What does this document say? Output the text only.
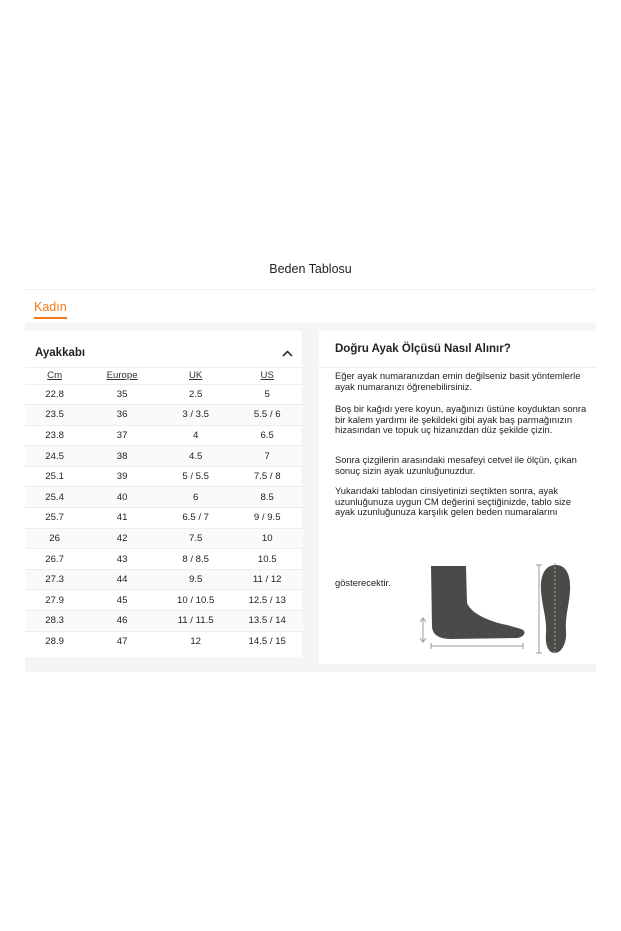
Beden Tablosu
Kadın
Ayakkabı
Cm	Europe	UK	US
22.8	35	2.5	5
23.5	36	3 / 3.5	5.5 / 6
23.8	37	4	6.5
24.5	38	4.5	7
25.1	39	5 / 5.5	7.5 / 8
25.4	40	6	8.5
25.7	41	6.5 / 7	9 / 9.5
26	42	7.5	10
26.7	43	8 / 8.5	10.5
27.3	44	9.5	11 / 12
27.9	45	10 / 10.5	12.5 / 13
28.3	46	11 / 11.5	13.5 / 14
28.9	47	12	14.5 / 15
Doğru Ayak Ölçüsü Nasıl Alınır?

Eğer ayak numaranızdan emin değilseniz basit yöntemlerle ayak numaranızı öğrenebilirsiniz.

Boş bir kağıdı yere koyun, ayağınızı üstüne koyduktan sonra bir kalem yardımı ile şekildeki gibi ayak baş parmağınızın hizasından ve topuk uç hizanızdan düz şekilde çizin.

Sonra çizgilerin arasındaki mesafeyi cetvel ile ölçün, çıkan sonuç sizin ayak uzunluğunuzdur.

Yukarıdaki tablodan cinsiyetinizi seçtikten sonra, ayak uzunluğunuza uygun CM değerini seçtiğinizde, tablo size ayak uzunluğunuza karşılık gelen beden numaralarını

gösterecektir.
